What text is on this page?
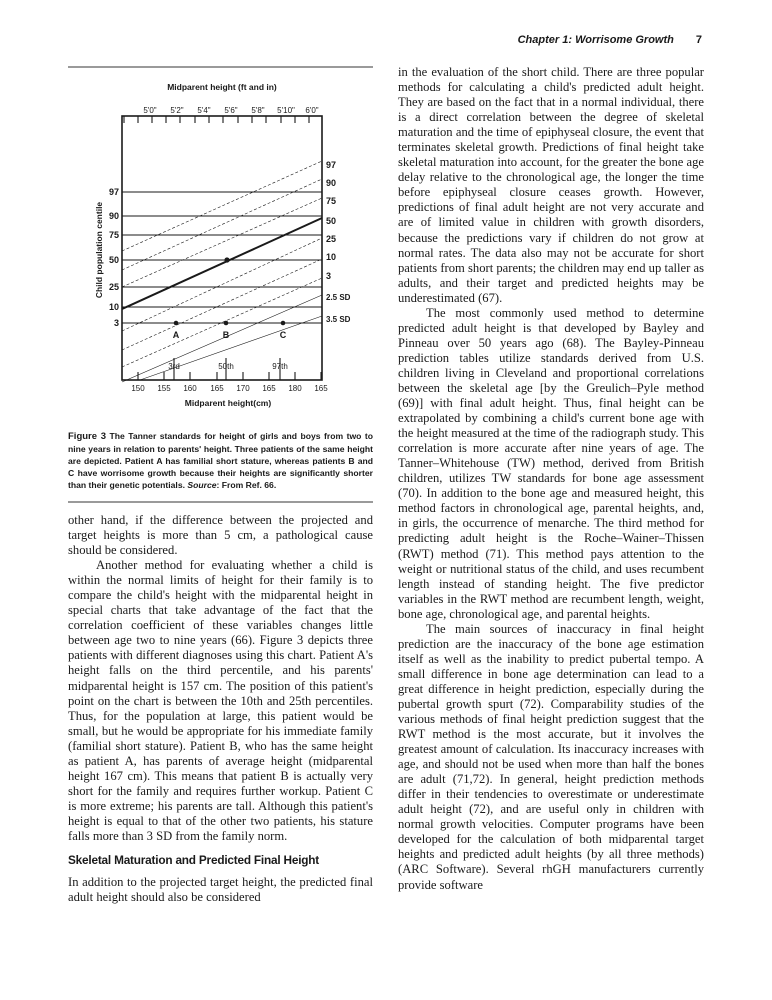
Chapter 1: Worrisome Growth 7
Midparent height (ft and in)
5'0" 5'2" 5'4" 5'6" 5'8" 5'10" 6'0"
Child population centile
97
90
75
50
25
10
3
97
90
75
50
25
10
3
2.5 SD
3.5 SD
A	B	C
3rd	50th	97th
150 155 160 165 170 165 180 165
Midparent height(cm)
Figure 3 The Tanner standards for height of girls and boys from two to nine years in relation to parents' height. Three patients of the same height are depicted. Patient A has familial short stature, whereas patients B and C have worrisome growth because their heights are significantly shorter than their genetic potentials. Source: From Ref. 66.

other hand, if the difference between the projected and target heights is more than 5 cm, a pathological cause should be considered.

Another method for evaluating whether a child is within the normal limits of height for their family is to compare the child's height with the midparental height in special charts that take advantage of the fact that the correlation coefficient of these variables changes little between age two to nine years (66). Figure 3 depicts three patients with different diagnoses using this chart. Patient A's height falls on the third percentile, and his parents' midparental height is 157 cm. The position of this patient's point on the chart is between the 10th and 25th percentiles. Thus, for the population at large, this patient would be small, but he would be appropriate for his immediate family (familial short stature). Patient B, who has the same height as patient A, has parents of average height (midparental height 167 cm). This means that patient B is actually very short for the family and requires further workup. Patient C is more extreme; his parents are tall. Although this patient's height is equal to that of the other two patients, his stature falls more than 3 SD from the family norm.

Skeletal Maturation and Predicted Final Height

In addition to the projected target height, the predicted final adult height should also be considered

in the evaluation of the short child. There are three popular methods for calculating a child's predicted adult height. They are based on the fact that in a normal individual, there is a direct correlation between the degree of skeletal maturation and the time of epiphyseal closure, the event that terminates skeletal growth. Predictions of final height take skeletal maturation into account, for the greater the bone age delay relative to the chronological age, the longer the time before epiphyseal closure ceases growth. However, predictions of final adult height are not very accurate and are of limited value in children with growth disorders, because the predictions vary if children do not grow at normal rates. The data also may not be accurate for short patients from short parents; the children may end up taller as adults, and their target and predicted heights may be underestimated (67).

The most commonly used method to determine predicted adult height is that developed by Bayley and Pinneau over 50 years ago (68). The Bayley-Pinneau prediction tables utilize standards derived from U.S. children living in Cleveland and proportional correlations between the skeletal age [by the Greulich–Pyle method (69)] with final adult height. Thus, final height can be extrapolated by combining a child's current bone age with the height measured at the time of the radiograph study. This correlation is more accurate after nine years of age. The Tanner–Whitehouse (TW) method, derived from British children, utilizes TW standards for bone age assessment (70). In addition to the bone age and measured height, this method factors in chronological age, parental heights, and, in girls, the occurrence of menarche. The third method for predicting adult height is the Roche–Wainer–Thissen (RWT) method (71). This method pays attention to the weight or nutritional status of the child, and uses recumbent length instead of standing height. The five predictor variables in the RWT method are recumbent length, weight, bone age, chronological age, and parental heights.

The main sources of inaccuracy in final height prediction are the inaccuracy of the bone age estimation itself as well as the inability to predict pubertal tempo. A small difference in bone age determination can lead to a great difference in height prediction, especially during the pubertal growth spurt (72). Comparability studies of the various methods of final height prediction suggest that the RWT method is the most accurate, but it involves the greatest amount of calculation. Its inaccuracy increases with age, and should not be used when more than half the bones are adult (71,72). In general, height prediction methods differ in their tendencies to overestimate or underestimate adult height (72), and are useful only in children with normal growth velocities. Computer programs have been developed for the calculation of both midparental target heights and predicted adult heights (by all three methods) (ARC Software). Several rhGH manufacturers currently provide software
